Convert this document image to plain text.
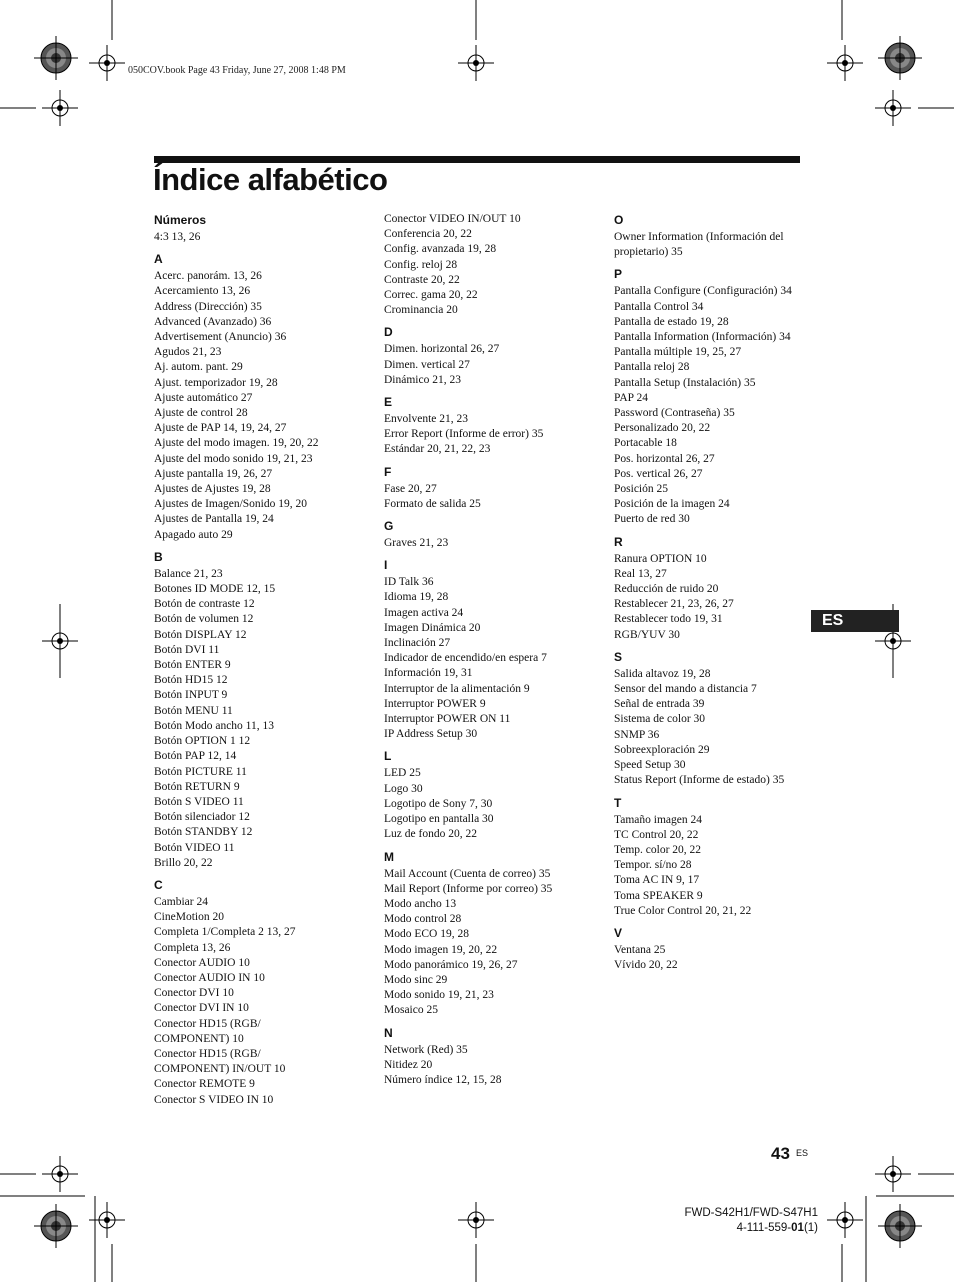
050COV.book Page 43 Friday, June 27, 2008 1:48 PM
Índice alfabético
Números
4:3 13, 26
A
Acerc. panorám. 13, 26
Acercamiento 13, 26
Address (Dirección) 35
Advanced (Avanzado) 36
Advertisement (Anuncio) 36
Agudos 21, 23
Aj. autom. pant. 29
Ajust. temporizador 19, 28
Ajuste automático 27
Ajuste de control 28
Ajuste de PAP 14, 19, 24, 27
Ajuste del modo imagen. 19, 20, 22
Ajuste del modo sonido 19, 21, 23
Ajuste pantalla 19, 26, 27
Ajustes de Ajustes 19, 28
Ajustes de Imagen/Sonido 19, 20
Ajustes de Pantalla 19, 24
Apagado auto 29
B
Balance 21, 23
Botones ID MODE 12, 15
Botón de contraste 12
Botón de volumen 12
Botón DISPLAY 12
Botón DVI 11
Botón ENTER 9
Botón HD15 12
Botón INPUT 9
Botón MENU 11
Botón Modo ancho 11, 13
Botón OPTION 1 12
Botón PAP 12, 14
Botón PICTURE 11
Botón RETURN 9
Botón S VIDEO 11
Botón silenciador 12
Botón STANDBY 12
Botón VIDEO 11
Brillo 20, 22
C
Cambiar 24
CineMotion 20
Completa 1/Completa 2 13, 27
Completa 13, 26
Conector AUDIO 10
Conector AUDIO IN 10
Conector DVI 10
Conector DVI IN 10
Conector HD15 (RGB/
COMPONENT) 10
Conector HD15 (RGB/
COMPONENT) IN/OUT 10
Conector REMOTE 9
Conector S VIDEO IN 10
Conector VIDEO IN/OUT 10
Conferencia 20, 22
Config. avanzada 19, 28
Config. reloj 28
Contraste 20, 22
Correc. gama 20, 22
Crominancia 20
D
Dimen. horizontal 26, 27
Dimen. vertical 27
Dinámico 21, 23
E
Envolvente 21, 23
Error Report (Informe de error) 35
Estándar 20, 21, 22, 23
F
Fase 20, 27
Formato de salida 25
G
Graves 21, 23
I
ID Talk 36
Idioma 19, 28
Imagen activa 24
Imagen Dinámica 20
Inclinación 27
Indicador de encendido/en espera 7
Información 19, 31
Interruptor de la alimentación 9
Interruptor POWER 9
Interruptor POWER ON 11
IP Address Setup 30
L
LED 25
Logo 30
Logotipo de Sony 7, 30
Logotipo en pantalla 30
Luz de fondo 20, 22
M
Mail Account (Cuenta de correo) 35
Mail Report (Informe por correo) 35
Modo ancho 13
Modo control 28
Modo ECO 19, 28
Modo imagen 19, 20, 22
Modo panorámico 19, 26, 27
Modo sinc 29
Modo sonido 19, 21, 23
Mosaico 25
N
Network (Red) 35
Nitidez 20
Número índice 12, 15, 28
O
Owner Information (Información del propietario) 35
P
Pantalla Configure (Configuración) 34
Pantalla Control 34
Pantalla de estado 19, 28
Pantalla Information (Información) 34
Pantalla múltiple 19, 25, 27
Pantalla reloj 28
Pantalla Setup (Instalación) 35
PAP 24
Password (Contraseña) 35
Personalizado 20, 22
Portacable 18
Pos. horizontal 26, 27
Pos. vertical 26, 27
Posición 25
Posición de la imagen 24
Puerto de red 30
R
Ranura OPTION 10
Real 13, 27
Reducción de ruido 20
Restablecer 21, 23, 26, 27
Restablecer todo 19, 31
RGB/YUV 30
S
Salida altavoz 19, 28
Sensor del mando a distancia 7
Señal de entrada 39
Sistema de color 30
SNMP 36
Sobreexploración 29
Speed Setup 30
Status Report (Informe de estado) 35
T
Tamaño imagen 24
TC Control 20, 22
Temp. color 20, 22
Tempor. sí/no 28
Toma AC IN 9, 17
Toma SPEAKER 9
True Color Control 20, 21, 22
V
Ventana 25
Vívido 20, 22
ES
43 ES
FWD-S42H1/FWD-S47H1
4-111-559-01(1)
